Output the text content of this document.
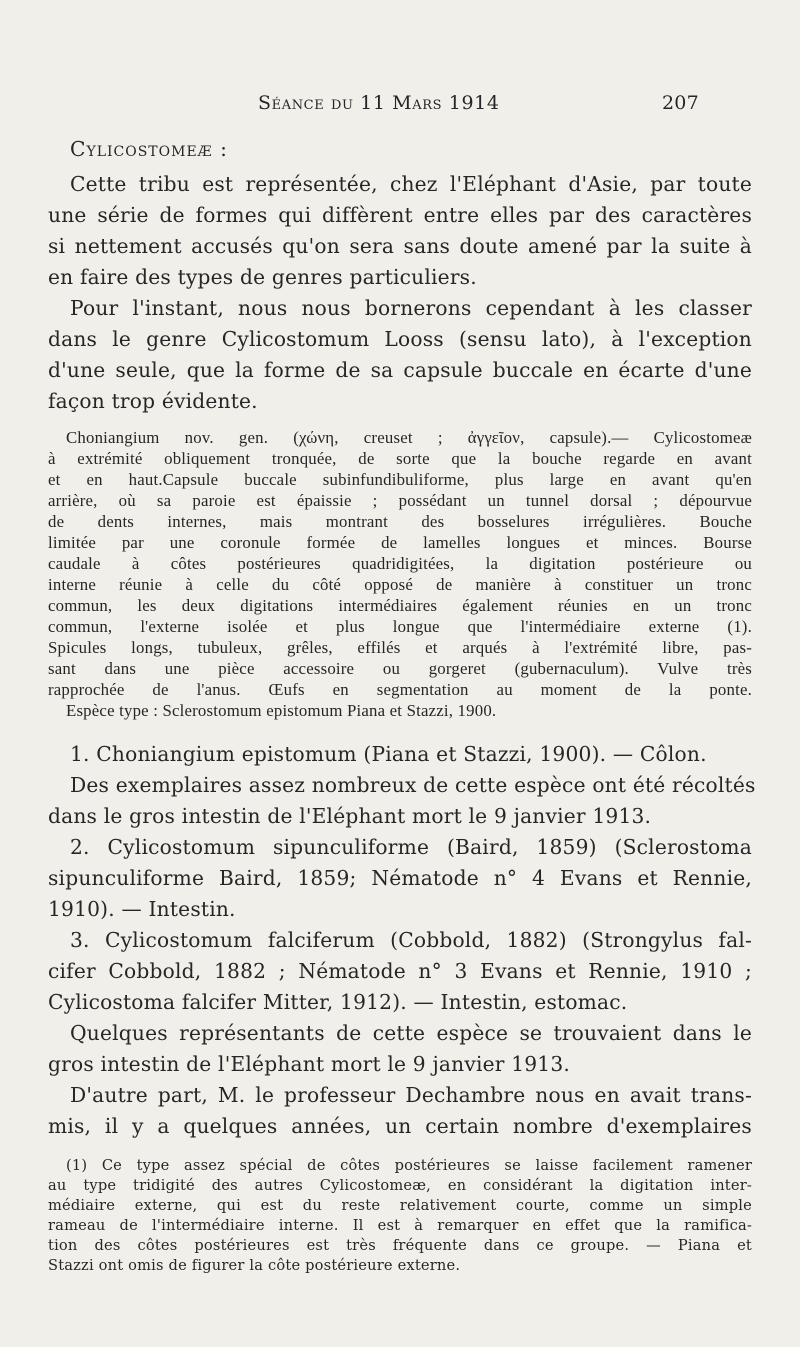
Séance du 11 Mars 1914	207
Cylicostomeæ :
Cette tribu est représentée, chez l'Eléphant d'Asie, par toute
une série de formes qui diffèrent entre elles par des caractères
si nettement accusés qu'on sera sans doute amené par la suite à
en faire des types de genres particuliers.
Pour l'instant, nous nous bornerons cependant à les classer
dans le genre Cylicostomum Looss (sensu lato), à l'exception
d'une seule, que la forme de sa capsule buccale en écarte d'une
façon trop évidente.
Choniangium nov. gen. (χώνη, creuset ; ἀγγεῖον, capsule).— Cylicostomeæ
à extrémité obliquement tronquée, de sorte que la bouche regarde en avant
et en haut.Capsule buccale subinfundibuliforme, plus large en avant qu'en
arrière, où sa paroie est épaissie ; possédant un tunnel dorsal ; dépourvue
de dents internes, mais montrant des bosselures irrégulières. Bouche
limitée par une coronule formée de lamelles longues et minces. Bourse
caudale à côtes postérieures quadridigitées, la digitation postérieure ou
interne réunie à celle du côté opposé de manière à constituer un tronc
commun, les deux digitations intermédiaires également réunies en un tronc
commun, l'externe isolée et plus longue que l'intermédiaire externe (1).
Spicules longs, tubuleux, grêles, effilés et arqués à l'extrémité libre, pas-
sant dans une pièce accessoire ou gorgeret (gubernaculum). Vulve très
rapprochée de l'anus. Œufs en segmentation au moment de la ponte.
Espèce type : Sclerostomum epistomum Piana et Stazzi, 1900.
1. Choniangium epistomum (Piana et Stazzi, 1900). — Côlon.
Des exemplaires assez nombreux de cette espèce ont été récoltés
dans le gros intestin de l'Eléphant mort le 9 janvier 1913.
2. Cylicostomum sipunculiforme (Baird, 1859) (Sclerostoma
sipunculiforme Baird, 1859; Nématode n° 4 Evans et Rennie,
1910). — Intestin.
3. Cylicostomum falciferum (Cobbold, 1882) (Strongylus fal-
cifer Cobbold, 1882 ; Nématode n° 3 Evans et Rennie, 1910 ;
Cylicostoma falcifer Mitter, 1912). — Intestin, estomac.
Quelques représentants de cette espèce se trouvaient dans le
gros intestin de l'Eléphant mort le 9 janvier 1913.
D'autre part, M. le professeur Dechambre nous en avait trans-
mis, il y a quelques années, un certain nombre d'exemplaires
(1) Ce type assez spécial de côtes postérieures se laisse facilement ramener
au type tridigité des autres Cylicostomeæ, en considérant la digitation inter-
médiaire externe, qui est du reste relativement courte, comme un simple
rameau de l'intermédiaire interne. Il est à remarquer en effet que la ramifica-
tion des côtes postérieures est très fréquente dans ce groupe. — Piana et
Stazzi ont omis de figurer la côte postérieure externe.
